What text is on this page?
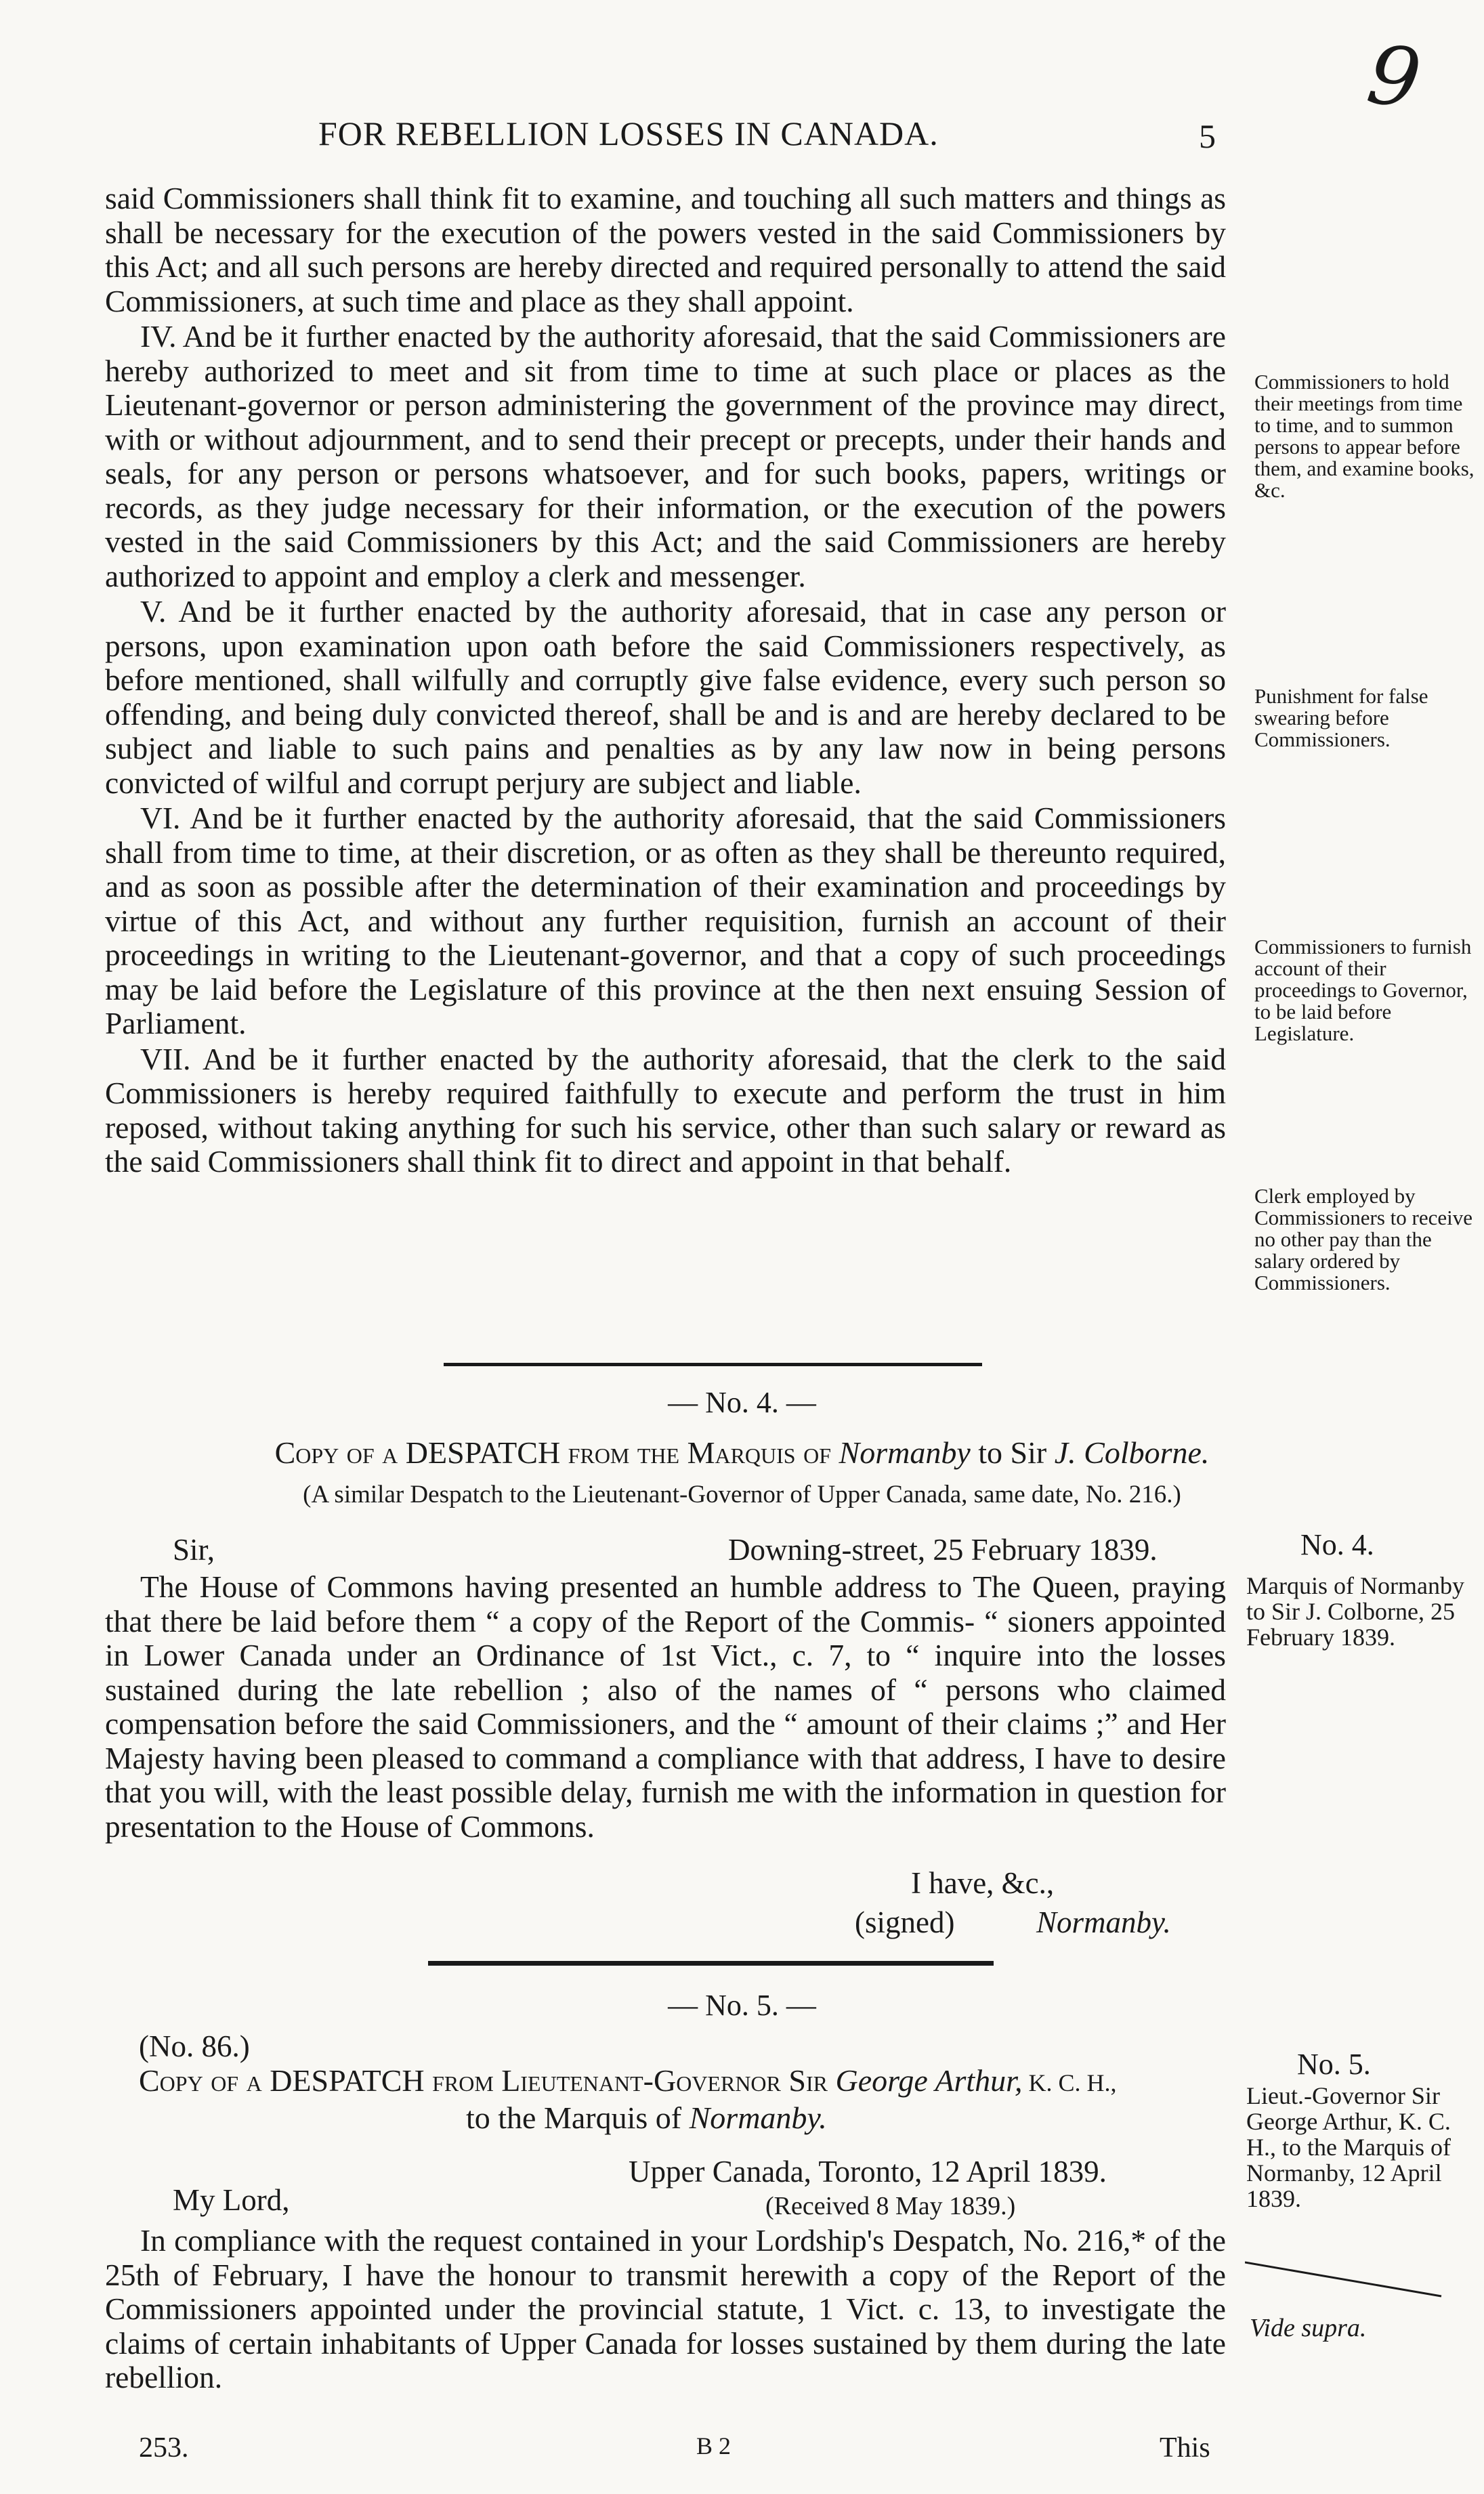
9
FOR REBELLION LOSSES IN CANADA.	5

said Commissioners shall think fit to examine, and touching all such matters and things as shall be necessary for the execution of the powers vested in the said Commissioners by this Act; and all such persons are hereby directed and required personally to attend the said Commissioners, at such time and place as they shall appoint.

IV. And be it further enacted by the authority aforesaid, that the said Commissioners are hereby authorized to meet and sit from time to time at such place or places as the Lieutenant-governor or person administering the government of the province may direct, with or without adjournment, and to send their precept or precepts, under their hands and seals, for any person or persons whatsoever, and for such books, papers, writings or records, as they judge necessary for their information, or the execution of the powers vested in the said Commissioners by this Act; and the said Commissioners are hereby authorized to appoint and employ a clerk and messenger.

V. And be it further enacted by the authority aforesaid, that in case any person or persons, upon examination upon oath before the said Commissioners respectively, as before mentioned, shall wilfully and corruptly give false evidence, every such person so offending, and being duly convicted thereof, shall be and is and are hereby declared to be subject and liable to such pains and penalties as by any law now in being persons convicted of wilful and corrupt perjury are subject and liable.

VI. And be it further enacted by the authority aforesaid, that the said Commissioners shall from time to time, at their discretion, or as often as they shall be thereunto required, and as soon as possible after the determination of their examination and proceedings by virtue of this Act, and without any further requisition, furnish an account of their proceedings in writing to the Lieutenant-governor, and that a copy of such proceedings may be laid before the Legislature of this province at the then next ensuing Session of Parliament.

VII. And be it further enacted by the authority aforesaid, that the clerk to the said Commissioners is hereby required faithfully to execute and perform the trust in him reposed, without taking anything for such his service, other than such salary or reward as the said Commissioners shall think fit to direct and appoint in that behalf.

Commissioners to hold their meetings from time to time, and to summon persons to appear before them, and examine books, &c.
Punishment for false swearing before Commissioners.
Commissioners to furnish account of their proceedings to Governor, to be laid before Legislature.
Clerk employed by Commissioners to receive no other pay than the salary ordered by Commissioners.
— No. 4. —
Copy of a DESPATCH from the Marquis of Normanby to Sir J. Colborne.
(A similar Despatch to the Lieutenant-Governor of Upper Canada, same date, No. 216.)
Sir,	Downing-street, 25 February 1839.

The House of Commons having presented an humble address to The Queen, praying that there be laid before them “ a copy of the Report of the Commis- “ sioners appointed in Lower Canada under an Ordinance of 1st Vict., c. 7, to “ inquire into the losses sustained during the late rebellion ; also of the names of “ persons who claimed compensation before the said Commissioners, and the “ amount of their claims ;” and Her Majesty having been pleased to command a compliance with that address, I have to desire that you will, with the least possible delay, furnish me with the information in question for presentation to the House of Commons.

I have, &c.,
(signed)	Normanby.
No. 4.
Marquis of Normanby to Sir J. Colborne, 25 February 1839.
— No. 5. —
(No. 86.)
Copy of a DESPATCH from Lieutenant-Governor Sir George Arthur, K. C. H.,
to the Marquis of Normanby.
Upper Canada, Toronto, 12 April 1839.
My Lord,	(Received 8 May 1839.)

In compliance with the request contained in your Lordship's Despatch, No. 216,* of the 25th of February, I have the honour to transmit herewith a copy of the Report of the Commissioners appointed under the provincial statute, 1 Vict. c. 13, to investigate the claims of certain inhabitants of Upper Canada for losses sustained by them during the late rebellion.

No. 5.
Lieut.-Governor Sir George Arthur, K. C. H., to the Marquis of Normanby, 12 April 1839.
Vide supra.
253.	B 2	This
